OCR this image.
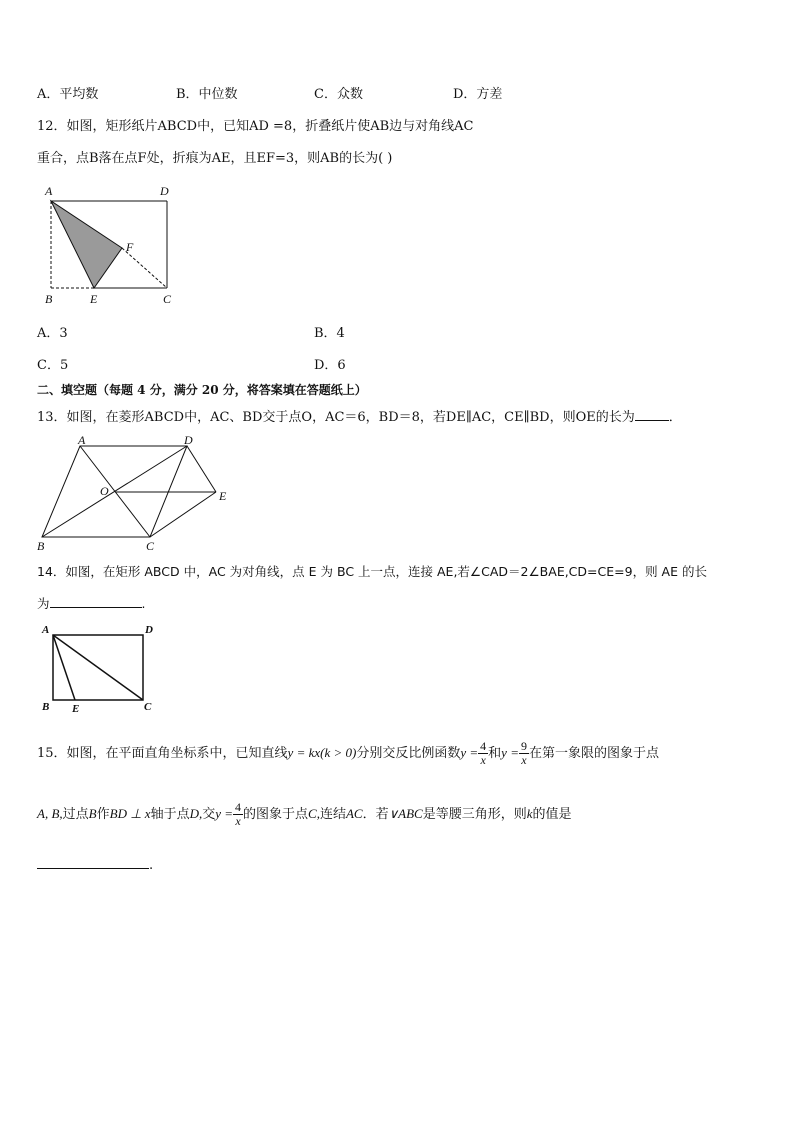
A．平均数	B．中位数	C．众数	D．方差
12．如图，矩形纸片ABCD中，已知AD =8，折叠纸片使AB边与对角线AC
重合，点B落在点F处，折痕为AE，且EF=3，则AB的长为( )
A	D
F
B	E	C
A．3	B．4
C．5	D．6
二、填空题（每题 4 分，满分 20 分，将答案填在答题纸上）
13．如图，在菱形ABCD中，AC、BD交于点O，AC＝6，BD＝8，若DE∥AC，CE∥BD，则OE的长为	．
A	D
O	E
B	C
14．如图，在矩形 ABCD 中，AC 为对角线，点 E 为 BC 上一点，连接 AE,若∠CAD＝2∠BAE,CD=CE=9，则 AE 的长
为	.
A	D
B E	C
15．如图，在平面直角坐标系中，已知直线y = kx(k > 0)分别交反比例函数$y = \frac{4}{x}$ 和$y = \frac{9}{x}$ 在第一象限的图象于点
A, B,过点B作BD ⊥ x轴于点D,交$y = \frac{4}{x}$ 的图象于点C,连结AC．若∨ABC是等腰三角形，则k的值是
.
